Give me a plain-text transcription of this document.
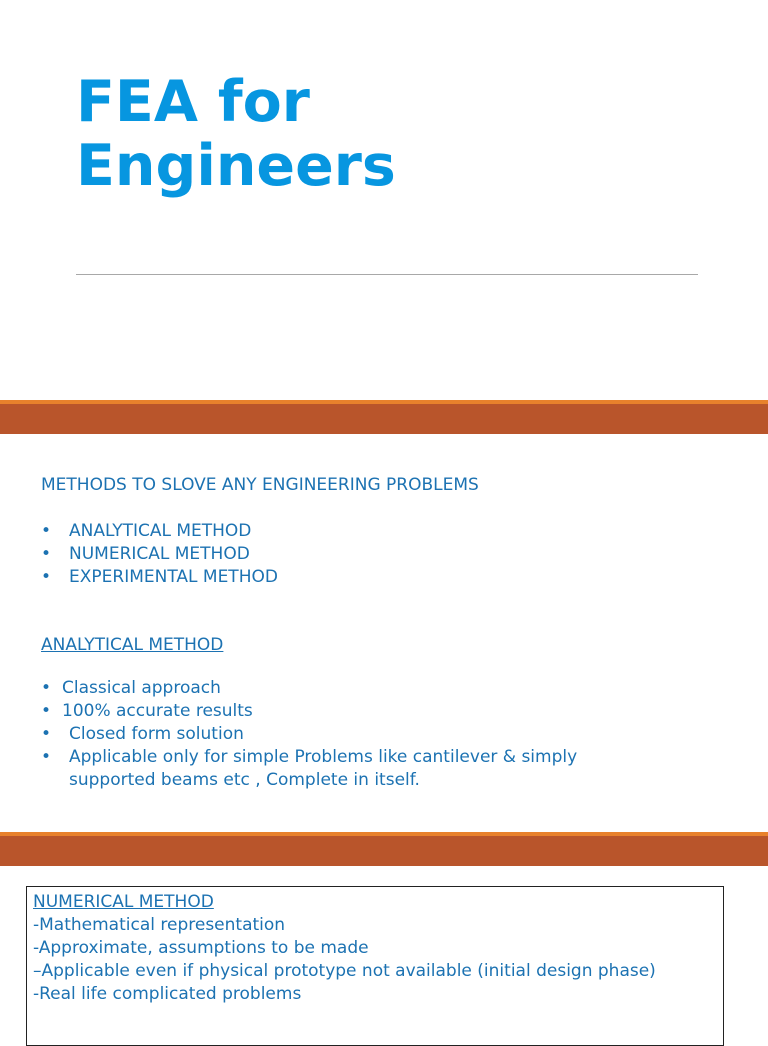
FEA for
Engineers

METHODS TO SLOVE ANY ENGINEERING PROBLEMS

• ANALYTICAL METHOD
• NUMERICAL METHOD
• EXPERIMENTAL METHOD

ANALYTICAL METHOD

• Classical approach
• 100% accurate results
• Closed form solution
• Applicable only for simple Problems like cantilever & simply supported beams etc , Complete in itself.

NUMERICAL METHOD

-Mathematical representation

-Approximate, assumptions to be made

–Applicable even if physical prototype not available (initial design phase)

-Real life complicated problems
